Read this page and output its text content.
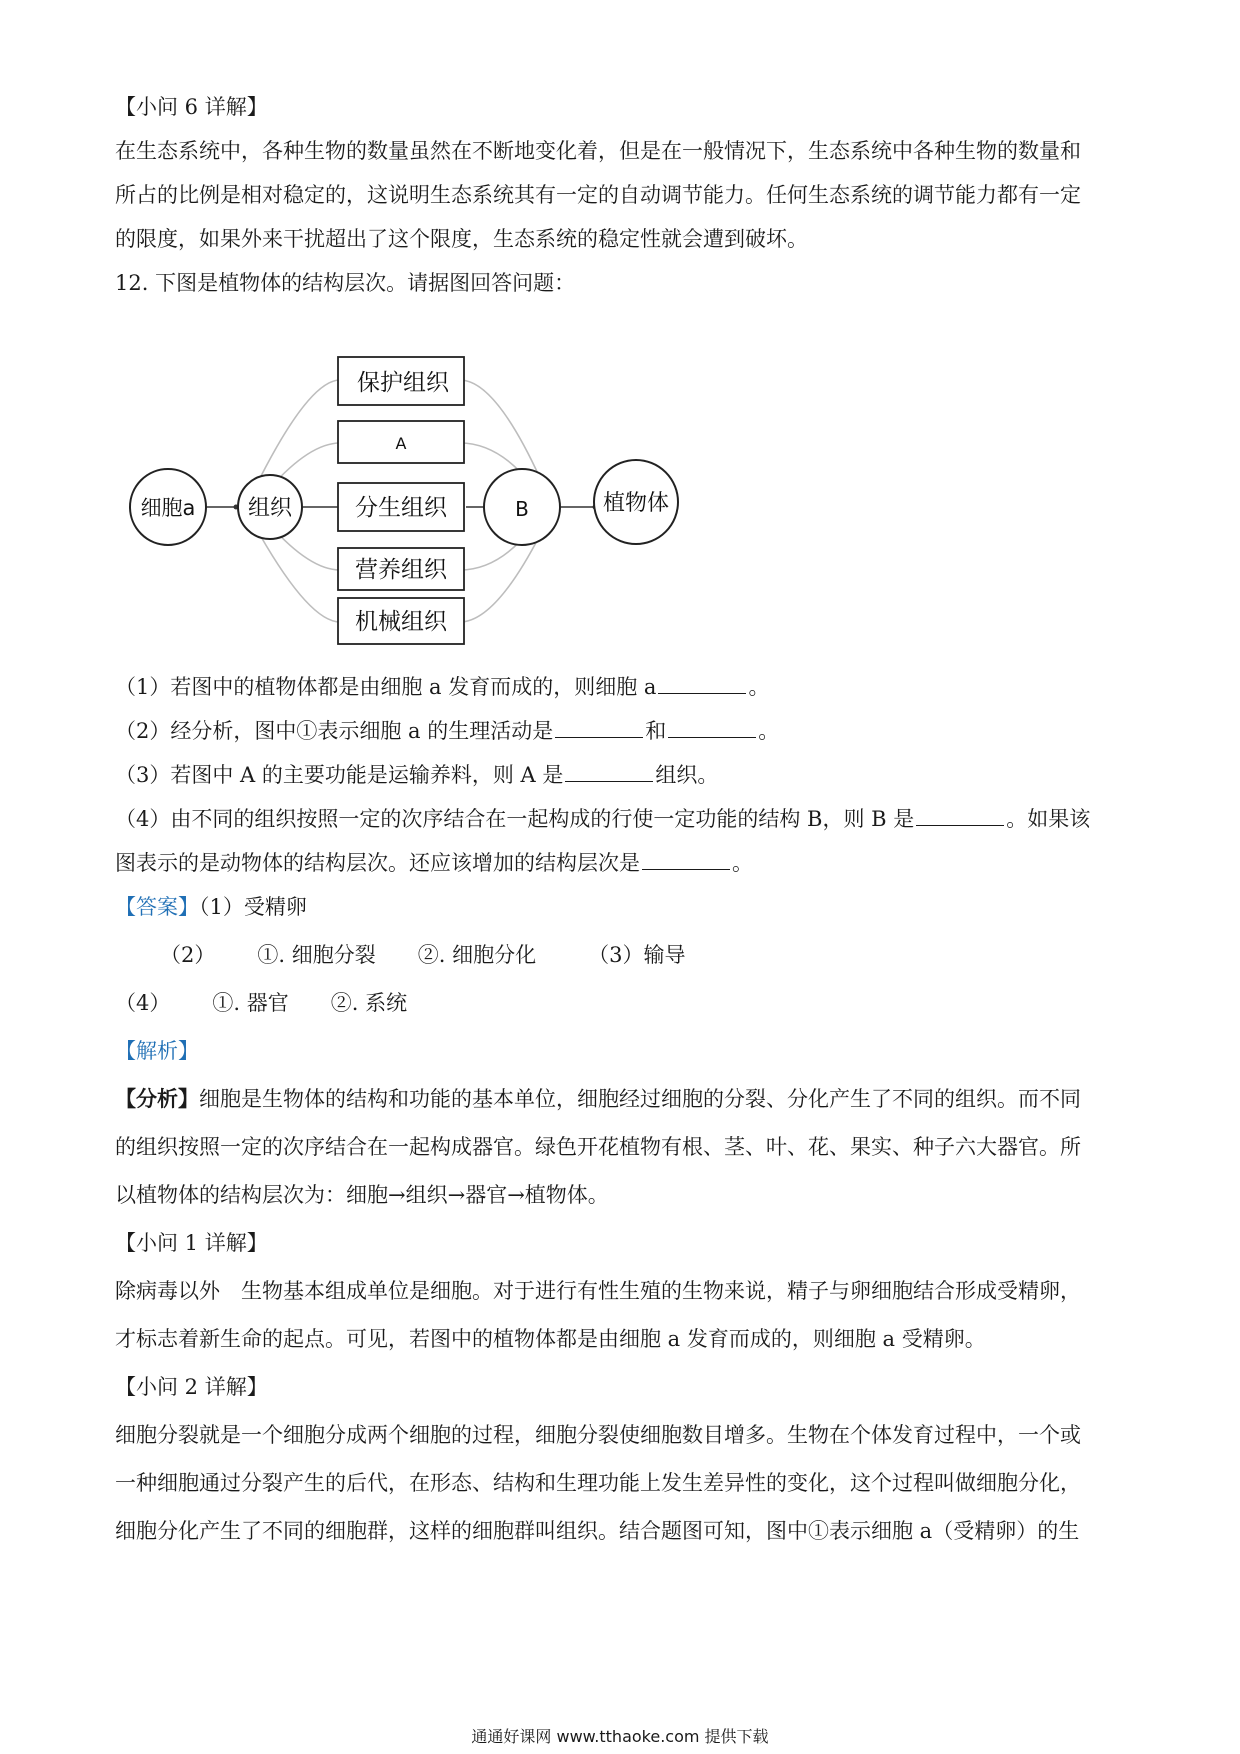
【小问 6 详解】
在生态系统中，各种生物的数量虽然在不断地变化着，但是在一般情况下，生态系统中各种生物的数量和
所占的比例是相对稳定的，这说明生态系统其有一定的自动调节能力。任何生态系统的调节能力都有一定
的限度，如果外来干扰超出了这个限度，生态系统的稳定性就会遭到破坏。
12. 下图是植物体的结构层次。请据图回答问题：
细胞a 组织	B	植物体
保护组织
A
分生组织
营养组织
机械组织
（1）若图中的植物体都是由细胞 a 发育而成的，则细胞 a	。
（2）经分析，图中①表示细胞 a 的生理活动是	和	。
（3）若图中 A 的主要功能是运输养料，则 A 是	组织。
（4）由不同的组织按照一定的次序结合在一起构成的行使一定功能的结构 B，则 B 是	。如果该
图表示的是动物体的结构层次。还应该增加的结构层次是	。
【答案】（1）受精卵
（2） ①. 细胞分裂 ②. 细胞分化 （3）输导
（4） ①. 器官 ②. 系统
【解析】
【分析】细胞是生物体的结构和功能的基本单位，细胞经过细胞的分裂、分化产生了不同的组织。而不同
的组织按照一定的次序结合在一起构成器官。绿色开花植物有根、茎、叶、花、果实、种子六大器官。所
以植物体的结构层次为：细胞→组织→器官→植物体。
【小问 1 详解】
除病毒以外　生物基本组成单位是细胞。对于进行有性生殖的生物来说，精子与卵细胞结合形成受精卵，
才标志着新生命的起点。可见，若图中的植物体都是由细胞 a 发育而成的，则细胞 a 受精卵。
【小问 2 详解】
细胞分裂就是一个细胞分成两个细胞的过程，细胞分裂使细胞数目增多。生物在个体发育过程中，一个或
一种细胞通过分裂产生的后代，在形态、结构和生理功能上发生差异性的变化，这个过程叫做细胞分化，
细胞分化产生了不同的细胞群，这样的细胞群叫组织。结合题图可知，图中①表示细胞 a（受精卵）的生
通通好课网 www.tthaoke.com 提供下载
